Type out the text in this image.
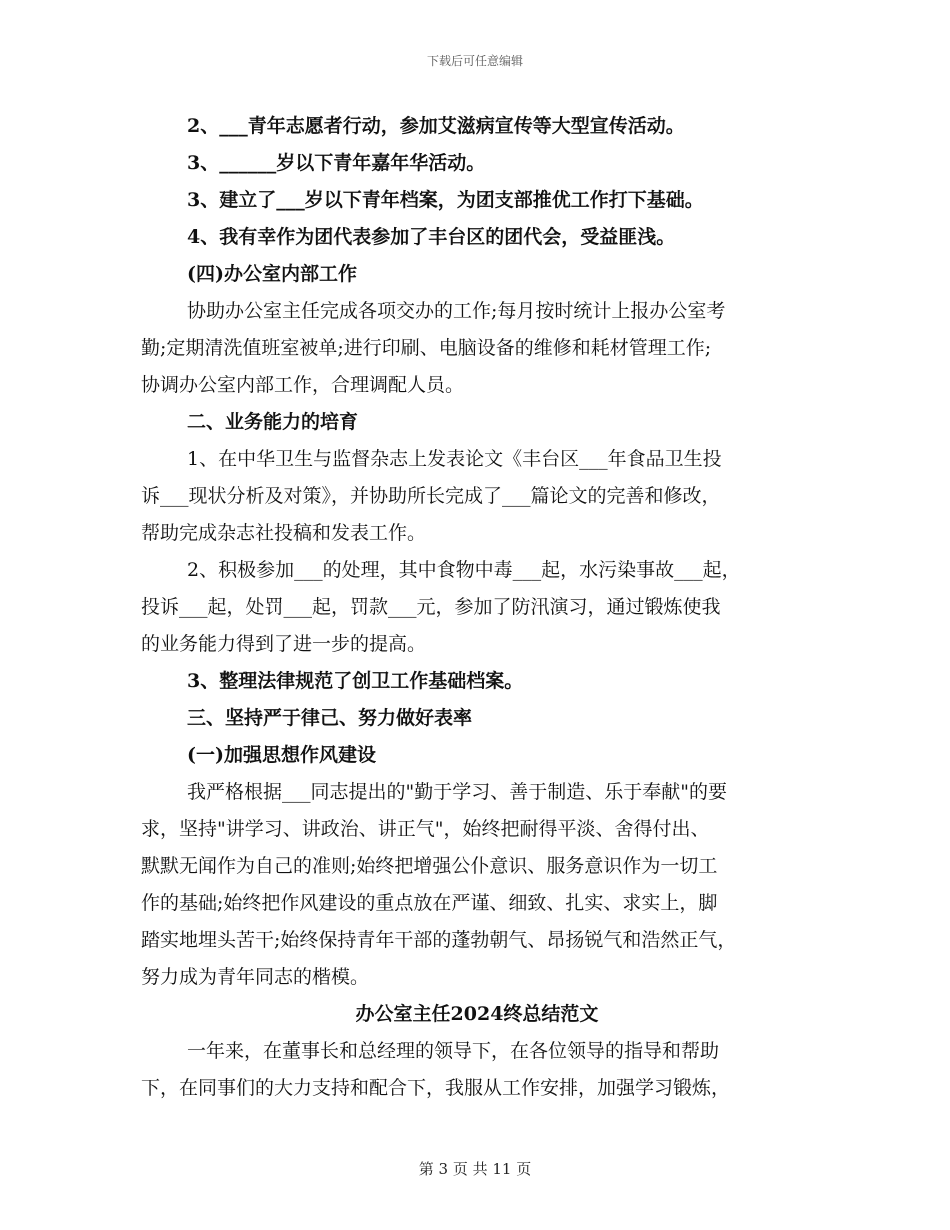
下载后可任意编辑
2、___青年志愿者行动，参加艾滋病宣传等大型宣传活动。
3、______岁以下青年嘉年华活动。
3、建立了___岁以下青年档案，为团支部推优工作打下基础。
4、我有幸作为团代表参加了丰台区的团代会，受益匪浅。
(四)办公室内部工作
协助办公室主任完成各项交办的工作;每月按时统计上报办公室考
勤;定期清洗值班室被单;进行印刷、电脑设备的维修和耗材管理工作;
协调办公室内部工作，合理调配人员。
二、业务能力的培育
1、在中华卫生与监督杂志上发表论文《丰台区___年食品卫生投
诉___现状分析及对策》，并协助所长完成了___篇论文的完善和修改，
帮助完成杂志社投稿和发表工作。
2、积极参加___的处理，其中食物中毒___起，水污染事故___起，
投诉___起，处罚___起，罚款___元，参加了防汛演习，通过锻炼使我
的业务能力得到了进一步的提高。
3、整理法律规范了创卫工作基础档案。
三、坚持严于律己、努力做好表率
(一)加强思想作风建设
我严格根据___同志提出的"勤于学习、善于制造、乐于奉献"的要
求，坚持"讲学习、讲政治、讲正气"，始终把耐得平淡、舍得付出、
默默无闻作为自己的准则;始终把增强公仆意识、服务意识作为一切工
作的基础;始终把作风建设的重点放在严谨、细致、扎实、求实上，脚
踏实地埋头苦干;始终保持青年干部的蓬勃朝气、昂扬锐气和浩然正气，
努力成为青年同志的楷模。
办公室主任2024终总结范文
一年来，在董事长和总经理的领导下，在各位领导的指导和帮助
下，在同事们的大力支持和配合下，我服从工作安排，加强学习锻炼，
第 3 页 共 11 页
